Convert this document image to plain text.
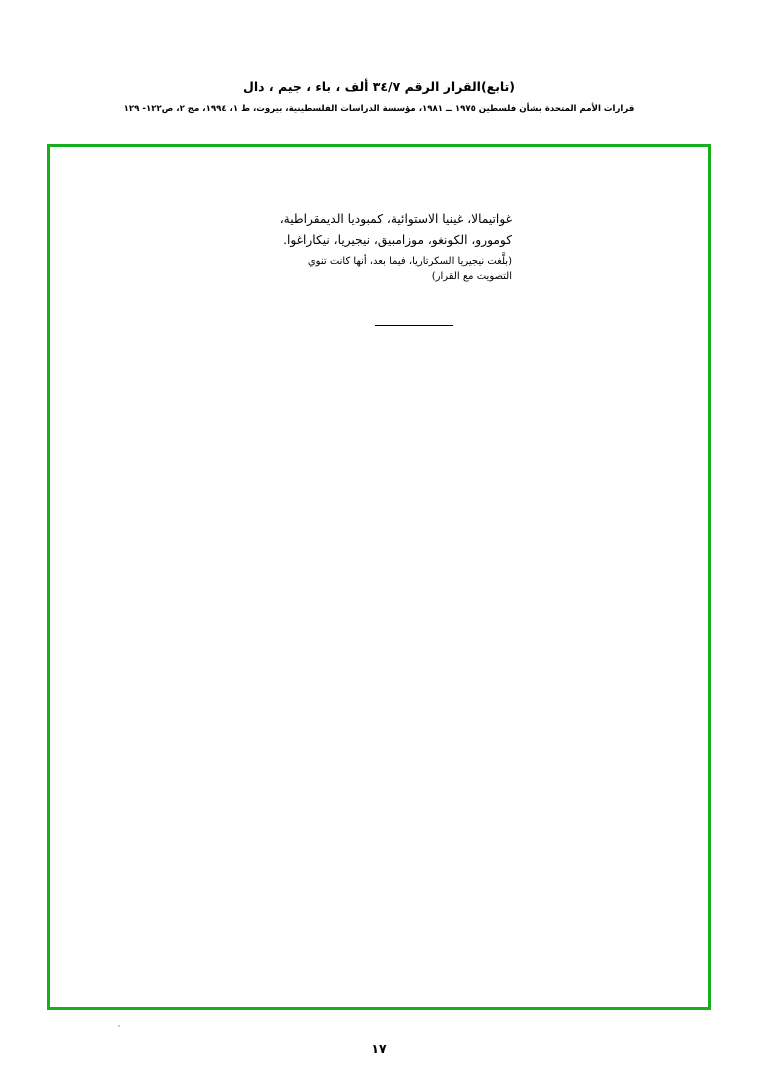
(تابع)القرار الرقم ٣٤/٧ ألف ، باء ، جيم ، دال
قرارات الأمم المتحدة بشأن فلسطين ١٩٧٥ ــ ١٩٨١، مؤسسة الدراسات الفلسطينية، بيروت، ط ١، ١٩٩٤، مج ٢، ص١٢٢- ١٢٩
غواتيمالا، غينيا الاستوائية، كمبوديا الديمقراطية،
كومورو، الكونغو، موزامبيق، نيجيريا، نيكاراغوا.
(بلَّغت نيجيريا السكرتاريا، فيما بعد، أنها كانت تنوي
التصويت مع القرار)
١٧
